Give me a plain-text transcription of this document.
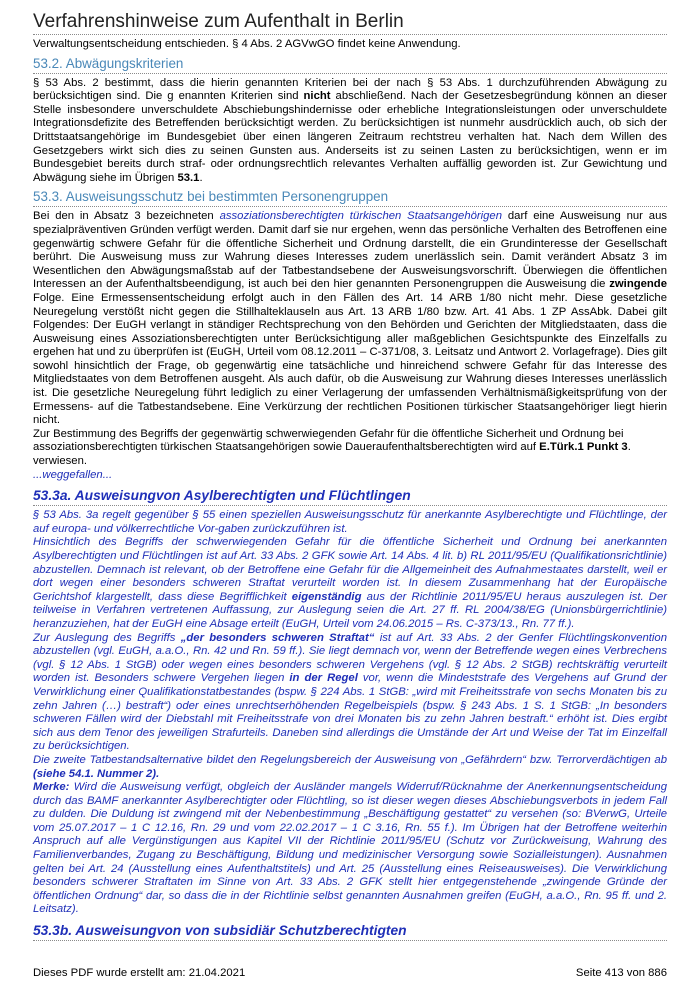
Verfahrenshinweise zum Aufenthalt in Berlin

Verwaltungsentscheidung entschieden. § 4 Abs. 2 AGVwGO findet keine Anwendung.

53.2. Abwägungskriterien

§ 53 Abs. 2 bestimmt, dass die hierin genannten Kriterien bei der nach § 53 Abs. 1 durchzuführenden Abwägung zu berücksichtigen sind. Die g enannten Kriterien sind nicht abschließend. Nach der Gesetzesbegründung können an dieser Stelle insbesondere unverschuldete Abschiebungshindernisse oder erhebliche Integrationsleistungen oder unverschuldete Integrationsdefizite des Betreffenden berücksichtigt werden. Zu berücksichtigen ist nunmehr ausdrücklich auch, ob sich der Drittstaatsangehörige im Bundesgebiet über einen längeren Zeitraum rechtstreu verhalten hat. Nach dem Willen des Gesetzgebers wirkt sich dies zu seinen Gunsten aus. Anderseits ist zu seinen Lasten zu berücksichtigen, wenn er im Bundesgebiet bereits durch straf- oder ordnungsrechtlich relevantes Verhalten auffällig geworden ist. Zur Gewichtung und Abwägung siehe im Übrigen 53.1.

53.3. Ausweisungsschutz bei bestimmten Personengruppen

Bei den in Absatz 3 bezeichneten assoziationsberechtigten türkischen Staatsangehörigen darf eine Ausweisung nur aus spezialpräventiven Gründen verfügt werden. Damit darf sie nur ergehen, wenn das persönliche Verhalten des Betroffenen eine gegenwärtig schwere Gefahr für die öffentliche Sicherheit und Ordnung darstellt, die ein Grundinteresse der Gesellschaft berührt. Die Ausweisung muss zur Wahrung dieses Interesses zudem unerlässlich sein. Damit verändert Absatz 3 im Wesentlichen den Abwägungsmaßstab auf der Tatbestandsebene der Ausweisungsvorschrift. Überwiegen die öffentlichen Interessen an der Aufenthaltsbeendigung, ist auch bei den hier genannten Personengruppen die Ausweisung die zwingende Folge. Eine Ermessensentscheidung erfolgt auch in den Fällen des Art. 14 ARB 1/80 nicht mehr. Diese gesetzliche Neuregelung verstößt nicht gegen die Stillhalteklauseln aus Art. 13 ARB 1/80 bzw. Art. 41 Abs. 1 ZP AssAbk. Dabei gilt Folgendes: Der EuGH verlangt in ständiger Rechtsprechung von den Behörden und Gerichten der Mitgliedstaaten, dass die Ausweisung eines Assoziationsberechtigten unter Berücksichtigung aller maßgeblichen Gesichtspunkte des Einzelfalls zu ergehen hat und zu überprüfen ist (EuGH, Urteil vom 08.12.2011 – C-371/08, 3. Leitsatz und Antwort 2. Vorlagefrage). Dies gilt sowohl hinsichtlich der Frage, ob gegenwärtig eine tatsächliche und hinreichend schwere Gefahr für das Interesse des Mitgliedstaates von dem Betroffenen ausgeht. Als auch dafür, ob die Ausweisung zur Wahrung dieses Interesses unerlässlich ist. Die gesetzliche Neuregelung führt lediglich zu einer Verlagerung der umfassenden Verhältnismäßigkeitsprüfung von der Ermessens- auf die Tatbestandsebene. Eine Verkürzung der rechtlichen Positionen türkischer Staatsangehöriger liegt hierin nicht.

Zur Bestimmung des Begriffs der gegenwärtig schwerwiegenden Gefahr für die öffentliche Sicherheit und Ordnung bei assoziationsberechtigten türkischen Staatsangehörigen sowie Daueraufenthaltsberechtigten wird auf E.Türk.1 Punkt 3. verwiesen.

...weggefallen...
53.3a. Ausweisungvon Asylberechtigten und Flüchtlingen

§ 53 Abs. 3a regelt gegenüber § 55 einen speziellen Ausweisungsschutz für anerkannte Asylberechtigte und Flüchtlinge, der auf europa- und völkerrechtliche Vor-gaben zurückzuführen ist.

Hinsichtlich des Begriffs der schwerwiegenden Gefahr für die öffentliche Sicherheit und Ordnung bei anerkannten Asylberechtigten und Flüchtlingen ist auf Art. 33 Abs. 2 GFK sowie Art. 14 Abs. 4 lit. b) RL 2011/95/EU (Qualifikationsrichtlinie) abzustellen. Demnach ist relevant, ob der Betroffene eine Gefahr für die Allgemeinheit des Aufnahmestaates darstellt, weil er dort wegen einer besonders schweren Straftat verurteilt worden ist. In diesem Zusammenhang hat der Europäische Gerichtshof klargestellt, dass diese Begrifflichkeit eigenständig aus der Richtlinie 2011/95/EU heraus auszulegen ist. Der teilweise in Verfahren vertretenen Auffassung, zur Auslegung seien die Art. 27 ff. RL 2004/38/EG (Unionsbürgerrichtlinie) heranzuziehen, hat der EuGH eine Absage erteilt (EuGH, Urteil vom 24.06.2015 – Rs. C-373/13., Rn. 77 ff.).

Zur Auslegung des Begriffs „der besonders schweren Straftat“ ist auf Art. 33 Abs. 2 der Genfer Flüchtlingskonvention abzustellen (vgl. EuGH, a.a.O., Rn. 42 und Rn. 59 ff.). Sie liegt demnach vor, wenn der Betreffende wegen eines Verbrechens (vgl. § 12 Abs. 1 StGB) oder wegen eines besonders schweren Vergehens (vgl. § 12 Abs. 2 StGB) rechtskräftig verurteilt worden ist. Besonders schwere Vergehen liegen in der Regel vor, wenn die Mindeststrafe des Vergehens auf Grund der Verwirklichung einer Qualifikationstatbestandes (bspw. § 224 Abs. 1 StGB: „wird mit Freiheitsstrafe von sechs Monaten bis zu zehn Jahren (…) bestraft“) oder eines unrechtserhöhenden Regelbeispiels (bspw. § 243 Abs. 1 S. 1 StGB: „In besonders schweren Fällen wird der Diebstahl mit Freiheitsstrafe von drei Monaten bis zu zehn Jahren bestraft.“ erhöht ist. Dies ergibt sich aus dem Tenor des jeweiligen Strafurteils. Daneben sind allerdings die Umstände der Art und Weise der Tat im Einzelfall zu berücksichtigen.

Die zweite Tatbestandsalternative bildet den Regelungsbereich der Ausweisung von „Gefährdern“ bzw. Terrorverdächtigen ab (siehe 54.1. Nummer 2).

Merke: Wird die Ausweisung verfügt, obgleich der Ausländer mangels Widerruf/Rücknahme der Anerkennungsentscheidung durch das BAMF anerkannter Asylberechtigter oder Flüchtling, so ist dieser wegen dieses Abschiebungsverbots in jedem Fall zu dulden. Die Duldung ist zwingend mit der Nebenbestimmung „Beschäftigung gestattet“ zu versehen (so: BVerwG, Urteile vom 25.07.2017 – 1 C 12.16, Rn. 29 und vom 22.02.2017 – 1 C 3.16, Rn. 55 f.). Im Übrigen hat der Betroffene weiterhin Anspruch auf alle Vergünstigungen aus Kapitel VII der Richtlinie 2011/95/EU (Schutz vor Zurückweisung, Wahrung des Familienverbandes, Zugang zu Beschäftigung, Bildung und medizinischer Versorgung sowie Sozialleistungen). Ausnahmen gelten bei Art. 24 (Ausstellung eines Aufenthaltstitels) und Art. 25 (Ausstellung eines Reiseausweises). Die Verwirklichung besonders schwerer Straftaten im Sinne von Art. 33 Abs. 2 GFK stellt hier entgegenstehende „zwingende Gründe der öffentlichen Ordnung“ dar, so dass die in der Richtlinie selbst genannten Ausnahmen greifen (EuGH, a.a.O., Rn. 95 ff. und 2. Leitsatz).

53.3b. Ausweisungvon von subsidiär Schutzberechtigten
Dieses PDF wurde erstellt am: 21.04.2021	Seite 413 von 886
